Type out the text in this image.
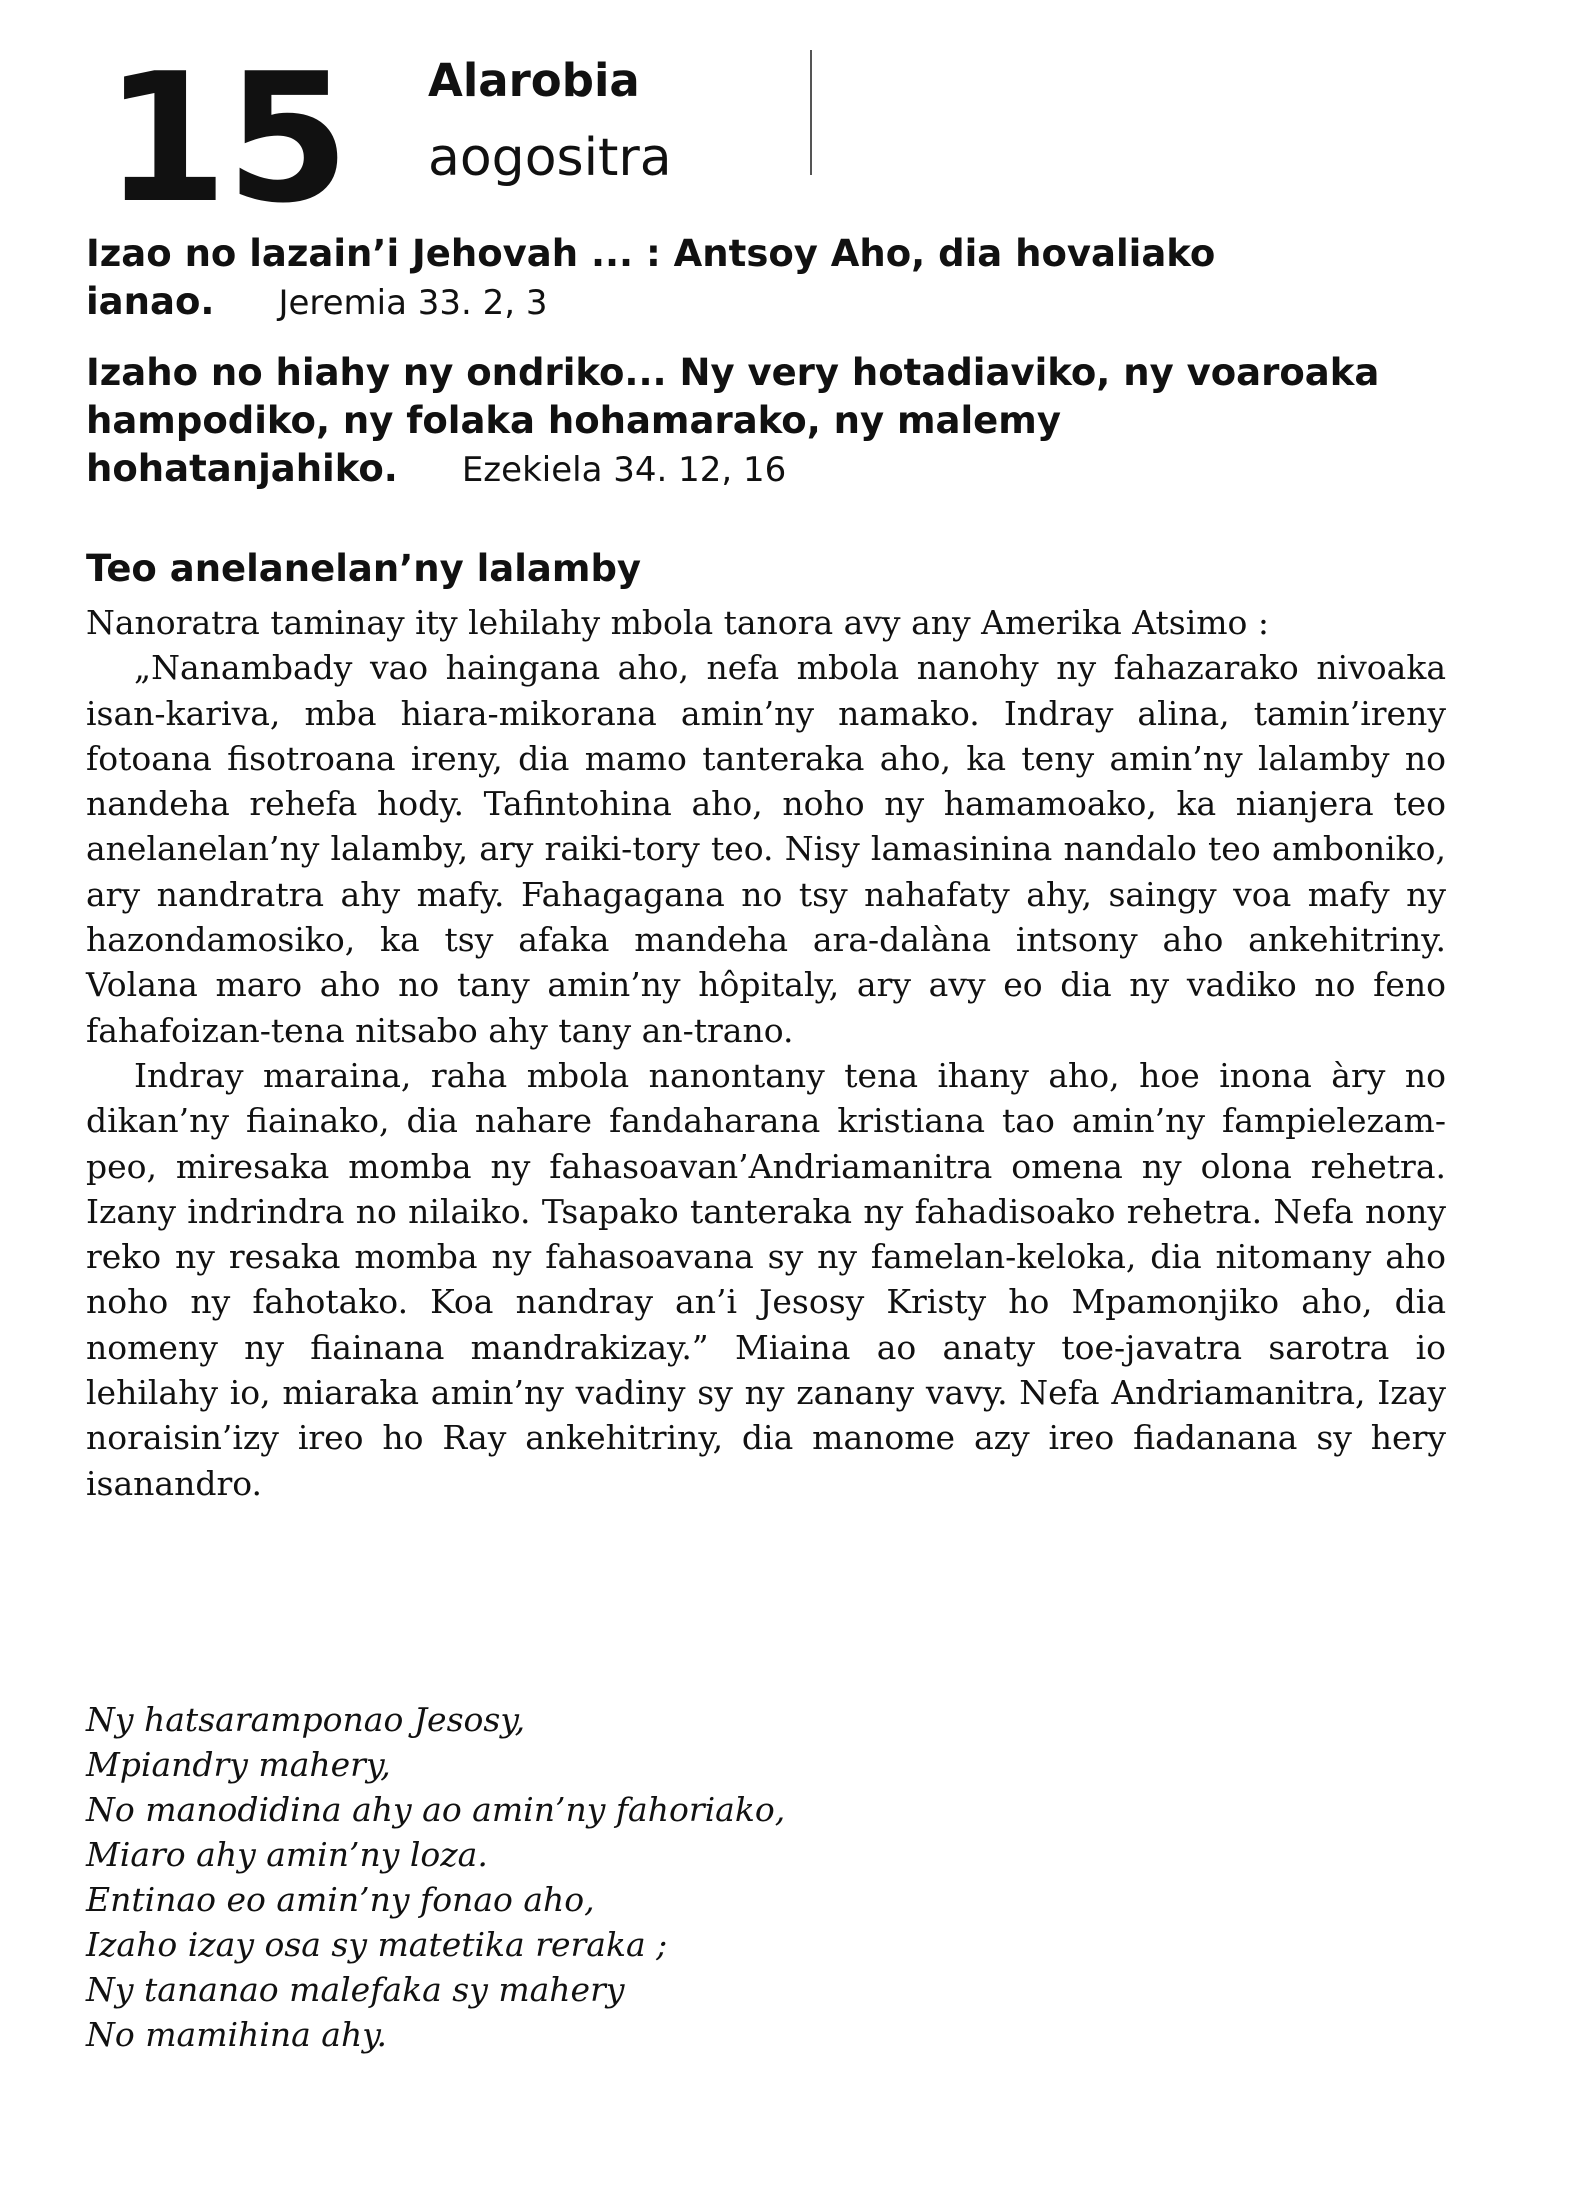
15 Alarobia
aogositra

Izao no lazain’i Jehovah ... : Antsoy Aho, dia hovaliako ianao. Jeremia 33. 2, 3

Izaho no hiahy ny ondriko... Ny very hotadiaviko, ny voaroaka hampodiko, ny folaka hohamarako, ny malemy hohatanjahiko. Ezekiela 34. 12, 16

Teo anelanelan’ny lalamby

Nanoratra taminay ity lehilahy mbola tanora avy any Amerika Atsimo :

„Nanambady vao haingana aho, nefa mbola nanohy ny fahazarako nivoaka isan-kariva, mba hiara-mikorana amin’ny namako. Indray alina, tamin’ireny fotoana fisotroana ireny, dia mamo tanteraka aho, ka teny amin’ny lalamby no nandeha rehefa hody. Tafintohina aho, noho ny hamamoako, ka nianjera teo anelanelan’ny lalamby, ary raiki-tory teo. Nisy lamasinina nandalo teo amboniko, ary nandratra ahy mafy. Fahagagana no tsy nahafaty ahy, saingy voa mafy ny hazondamosiko, ka tsy afaka mandeha ara-dalàna intsony aho ankehitriny. Volana maro aho no tany amin’ny hôpitaly, ary avy eo dia ny vadiko no feno fahafoizan-tena nitsabo ahy tany an-trano.

Indray maraina, raha mbola nanontany tena ihany aho, hoe inona àry no dikan’ny fiainako, dia nahare fandaharana kristiana tao amin’ny fampielezam-peo, miresaka momba ny fahasoavan’Andriamanitra omena ny olona rehetra. Izany indrindra no nilaiko. Tsapako tanteraka ny fahadisoako rehetra. Nefa nony reko ny resaka momba ny fahasoavana sy ny famelan-keloka, dia nitomany aho noho ny fahotako. Koa nandray an’i Jesosy Kristy ho Mpamonjiko aho, dia nomeny ny fiainana mandrakizay.” Miaina ao anaty toe-javatra sarotra io lehilahy io, miaraka amin’ny vadiny sy ny zanany vavy. Nefa Andriamanitra, Izay noraisin’izy ireo ho Ray ankehitriny, dia manome azy ireo fiadanana sy hery isanandro.

Ny hatsaramponao Jesosy,
Mpiandry mahery,
No manodidina ahy ao amin’ny fahoriako,
Miaro ahy amin’ny loza.
Entinao eo amin’ny fonao aho,
Izaho izay osa sy matetika reraka ;
Ny tananao malefaka sy mahery
No mamihina ahy.
